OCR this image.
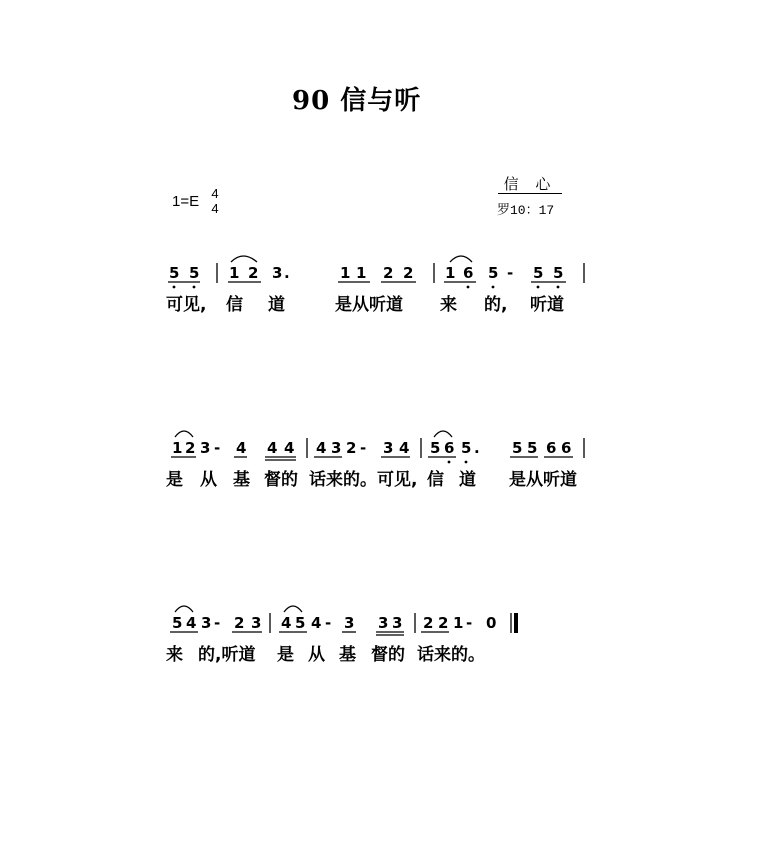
90 信与听
1=E 4
4
信 心
罗10：17
5 5 1 2 3 .	1 1 2 2 1 6 5 - 5 5
1 2 3 - 4 4 4 4 3 2 - 3 4 5 6 5 . 5 5 6 6
5 4 3 - 2 3 4 5 4 - 3 3 3 2 2 1 - 0
可见, 信 道	是从听道 来 的, 听道
是 从 基 督的 话来的。可见, 信 道 是从听道
来 的,听道 是 从 基 督的 话来的。
